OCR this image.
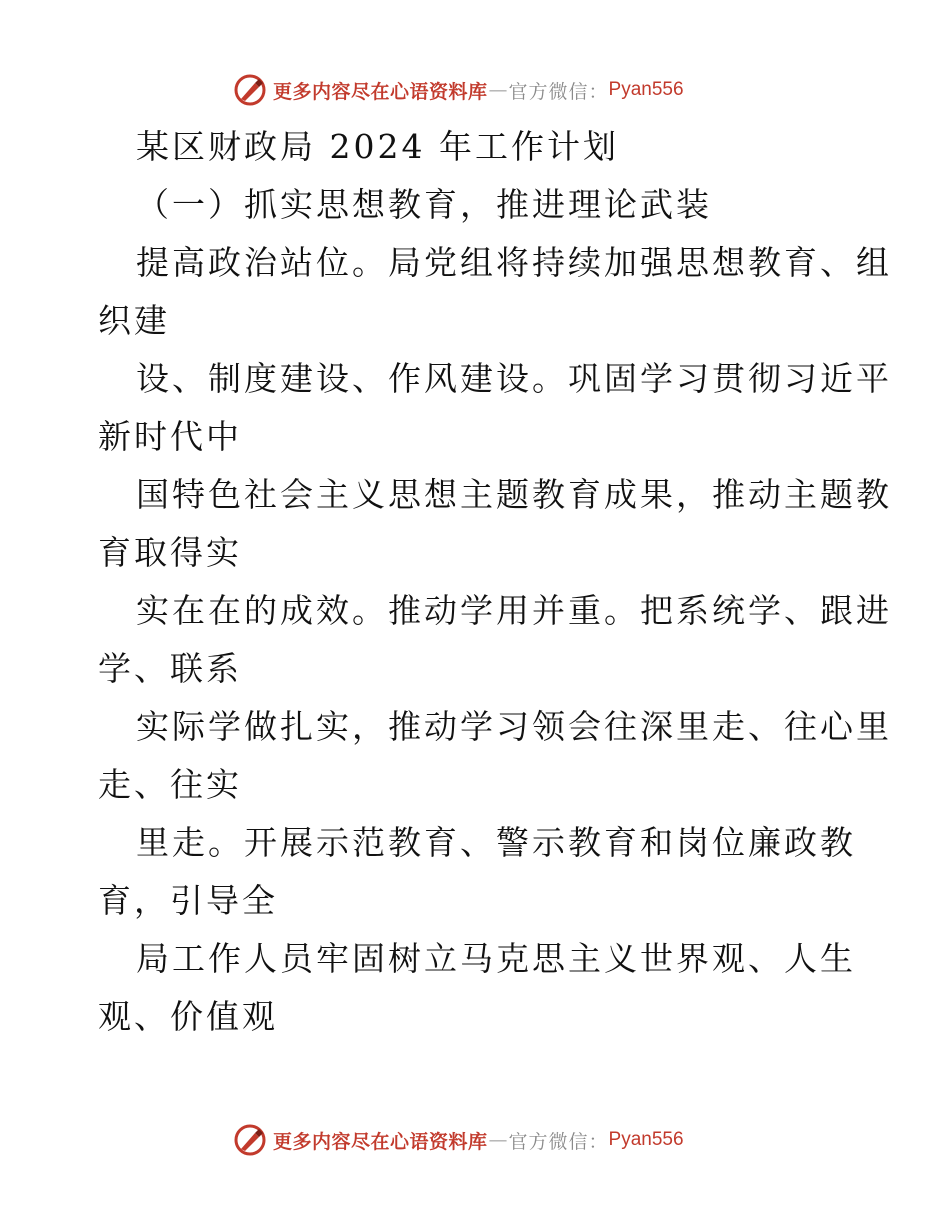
更多内容尽在心语资料库 — 官方微信： Pyan556
某区财政局 2024 年工作计划
（一）抓实思想教育，推进理论武装
提高政治站位。局党组将持续加强思想教育、组
织建
设、制度建设、作风建设。巩固学习贯彻习近平
新时代中
国特色社会主义思想主题教育成果，推动主题教
育取得实
实在在的成效。推动学用并重。把系统学、跟进
学、联系
实际学做扎实，推动学习领会往深里走、往心里
走、往实
里走。开展示范教育、警示教育和岗位廉政教
育，引导全
局工作人员牢固树立马克思主义世界观、人生
观、价值观
更多内容尽在心语资料库 — 官方微信： Pyan556
